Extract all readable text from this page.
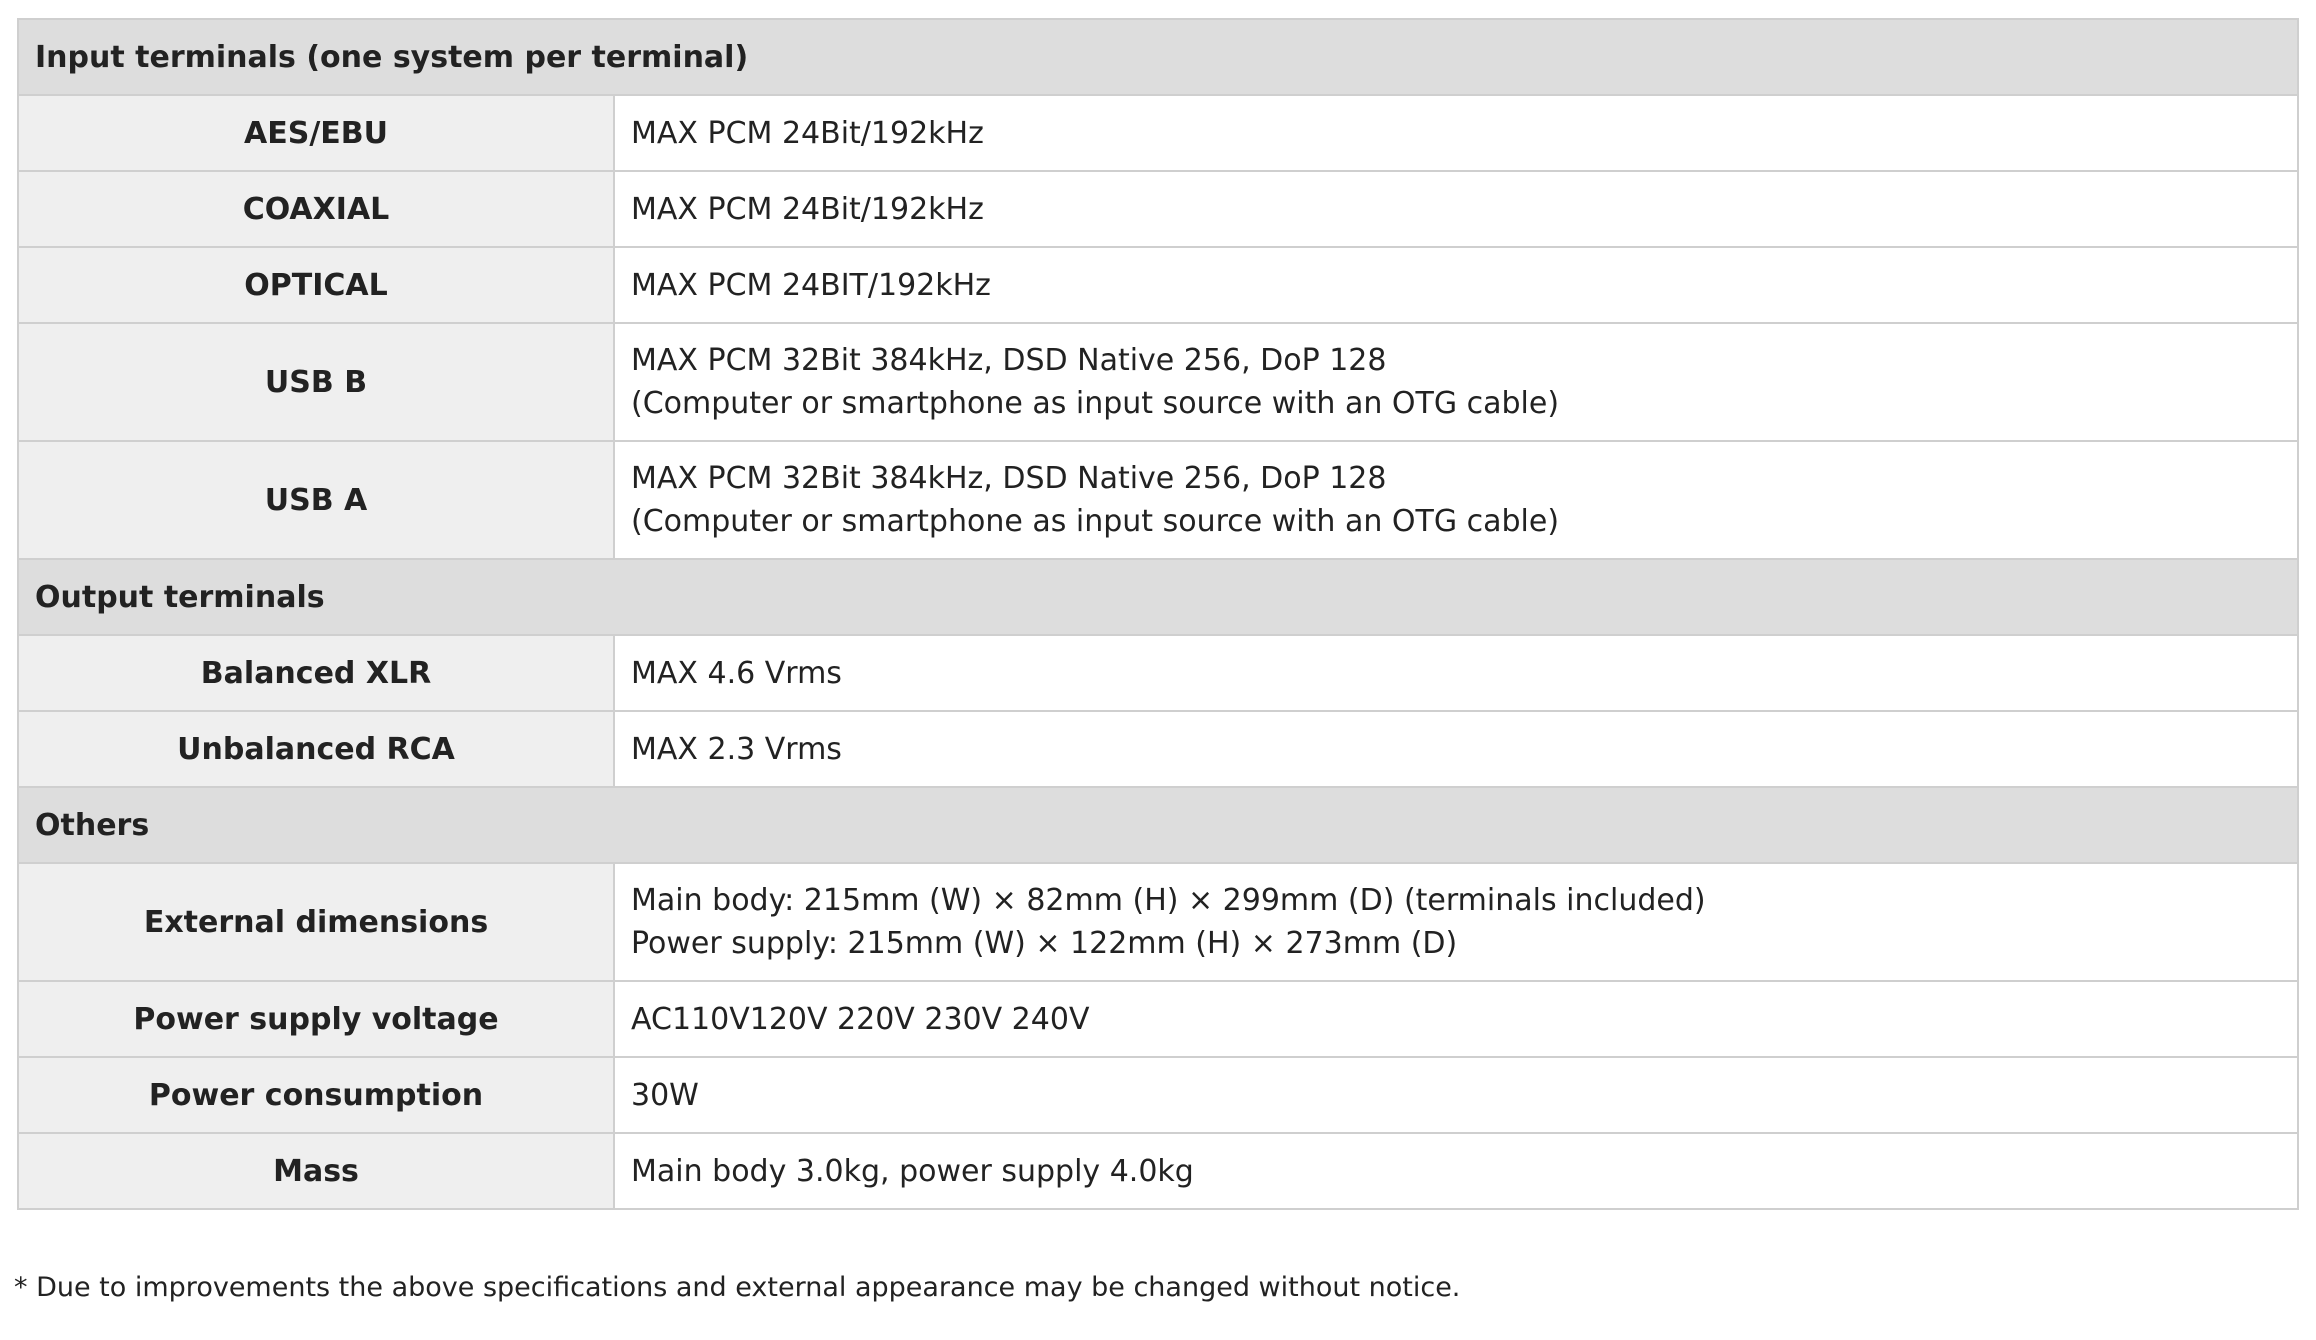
Input terminals (one system per terminal)	
AES/EBU	MAX PCM 24Bit/192kHz

COAXIAL	MAX PCM 24Bit/192kHz

OPTICAL	MAX PCM 24BIT/192kHz

USB B	MAX PCM 32Bit 384kHz, DSD Native 256, DoP 128
(Computer or smartphone as input source with an OTG cable)

USB A	MAX PCM 32Bit 384kHz, DSD Native 256, DoP 128
(Computer or smartphone as input source with an OTG cable)

Output terminals	
Balanced XLR	MAX 4.6 Vrms

Unbalanced RCA	MAX 2.3 Vrms

Others	
External dimensions	Main body: 215mm (W) × 82mm (H) × 299mm (D) (terminals included)
Power supply: 215mm (W) × 122mm (H) × 273mm (D)

Power supply voltage	AC110V120V 220V 230V 240V

Power consumption	30W

Mass	Main body 3.0kg, power supply 4.0kg
* Due to improvements the above specifications and external appearance may be changed without notice.
